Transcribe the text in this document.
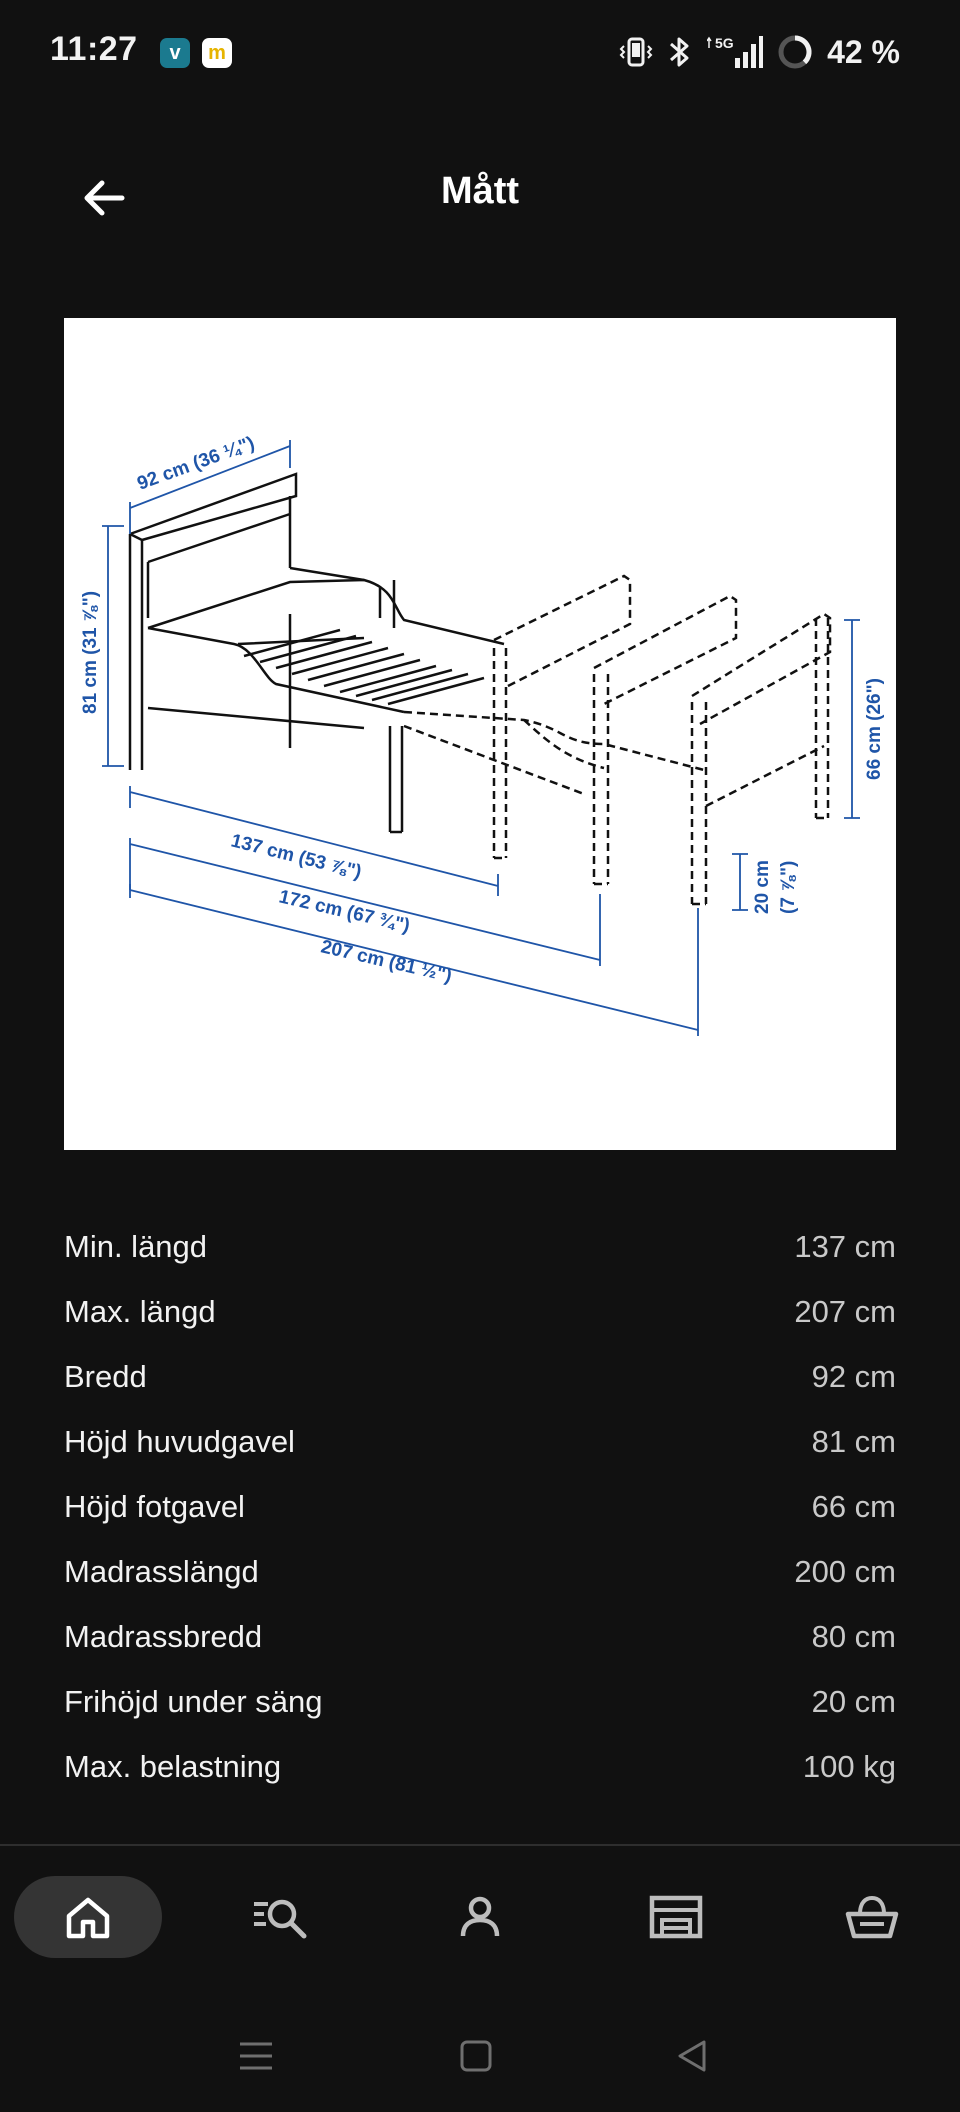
11:27	v	m	5G	42 %
Mått
92 cm (36 ¼")
81 cm (31 ⅞")
66 cm (26")
137 cm (53 ⅞")
172 cm (67 ¾")
207 cm (81 ½")
20 cm (7 ⅞")
Min. längd	137 cm
Max. längd	207 cm
Bredd	92 cm
Höjd huvudgavel	81 cm
Höjd fotgavel	66 cm
Madrasslängd	200 cm
Madrassbredd	80 cm
Frihöjd under säng	20 cm
Max. belastning	100 kg
